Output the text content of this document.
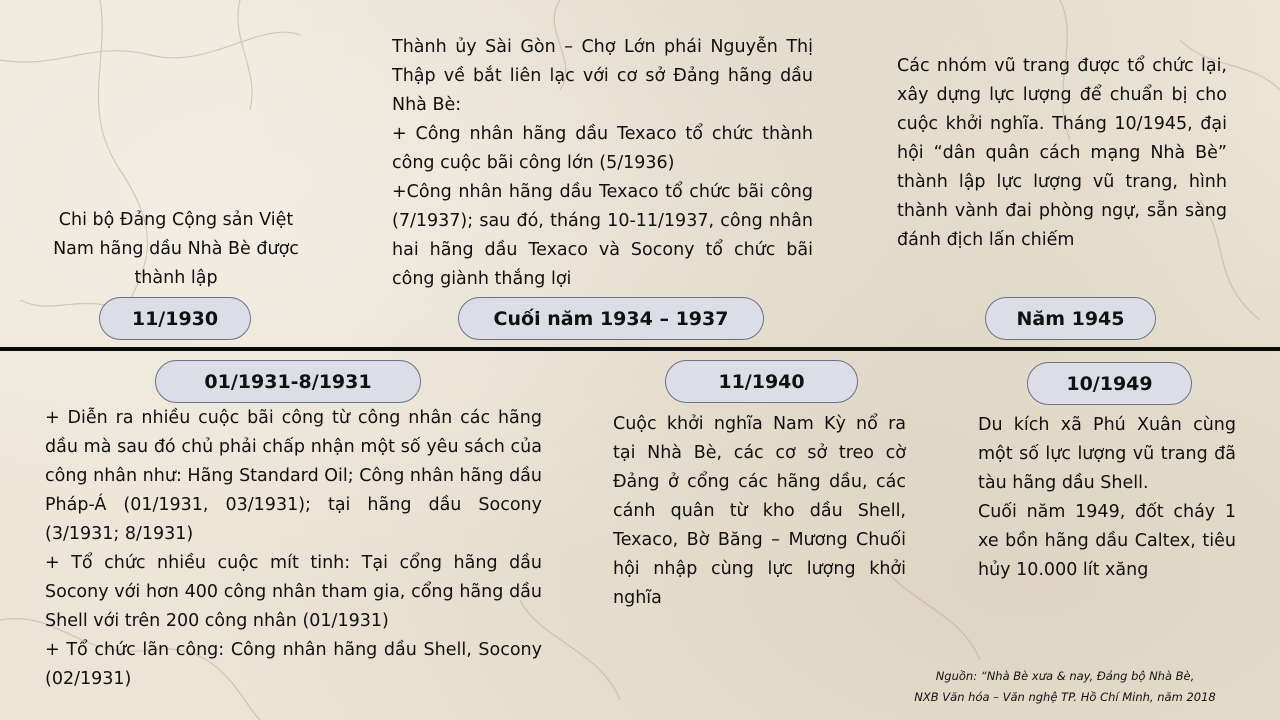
Chi bộ Đảng Cộng sản Việt Nam hãng dầu Nhà Bè được thành lập
11/1930

Thành ủy Sài Gòn – Chợ Lớn phái Nguyễn Thị Thập về bắt liên lạc với cơ sở Đảng hãng dầu Nhà Bè:

+ Công nhân hãng dầu Texaco tổ chức thành công cuộc bãi công lớn (5/1936)

+Công nhân hãng dầu Texaco tổ chức bãi công (7/1937); sau đó, tháng 10-11/1937, công nhân hai hãng dầu Texaco và Socony tổ chức bãi công giành thắng lợi

Cuối năm 1934 – 1937
Các nhóm vũ trang được tổ chức lại, xây dựng lực lượng để chuẩn bị cho cuộc khởi nghĩa. Tháng 10/1945, đại hội “dân quân cách mạng Nhà Bè” thành lập lực lượng vũ trang, hình thành vành đai phòng ngự, sẵn sàng đánh địch lấn chiếm
Năm 1945
01/1931-8/1931

+ Diễn ra nhiều cuộc bãi công từ công nhân các hãng dầu mà sau đó chủ phải chấp nhận một số yêu sách của công nhân như: Hãng Standard Oil; Công nhân hãng dầu Pháp-Á (01/1931, 03/1931); tại hãng dầu Socony (3/1931; 8/1931)

+ Tổ chức nhiều cuộc mít tinh: Tại cổng hãng dầu Socony với hơn 400 công nhân tham gia, cổng hãng dầu Shell với trên 200 công nhân (01/1931)

+ Tổ chức lãn công: Công nhân hãng dầu Shell, Socony (02/1931)

11/1940
Cuộc khởi nghĩa Nam Kỳ nổ ra tại Nhà Bè, các cơ sở treo cờ Đảng ở cổng các hãng dầu, các cánh quân từ kho dầu Shell, Texaco, Bờ Băng – Mương Chuối hội nhập cùng lực lượng khởi nghĩa
10/1949

Du kích xã Phú Xuân cùng một số lực lượng vũ trang đã tàu hãng dầu Shell.

Cuối năm 1949, đốt cháy 1 xe bồn hãng dầu Caltex, tiêu hủy 10.000 lít xăng

Nguồn: “Nhà Bè xưa & nay, Đảng bộ Nhà Bè,
NXB Văn hóa – Văn nghệ TP. Hồ Chí Minh, năm 2018
